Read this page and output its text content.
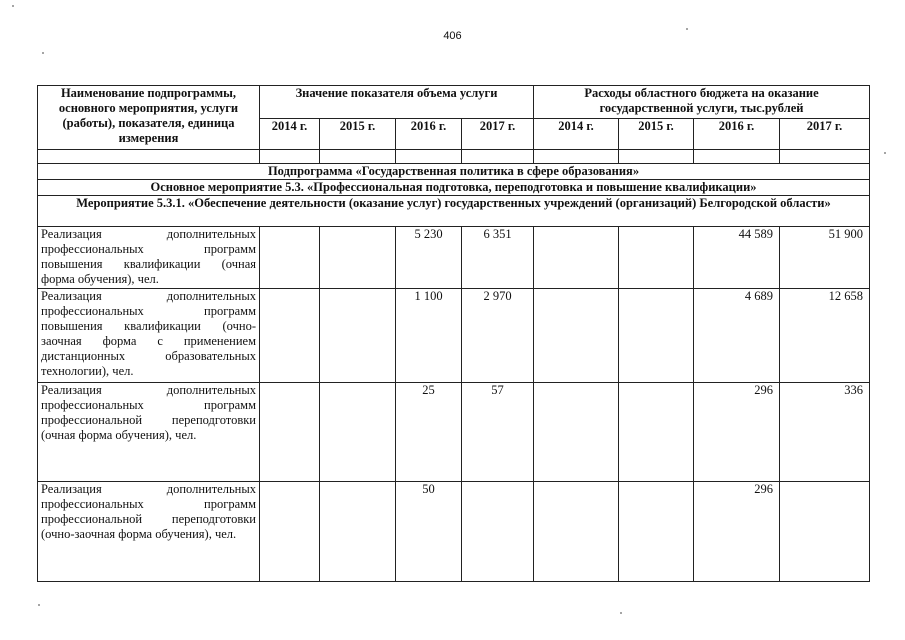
406
Наименование подпрограммы, основного мероприятия, услуги (работы), показателя, единица измерения	Значение показателя объема услуги				Расходы областного бюджета на оказание государственной услуги, тыс.рублей			
	2014 г.	2015 г.	2016 г.	2017 г.	2014 г.	2015 г.	2016 г.	2017 г.

Подпрограмма «Государственная политика в сфере образования»								
Основное мероприятие 5.3. «Профессиональная подготовка, переподготовка и повышение квалификации»								
Мероприятие 5.3.1. «Обеспечение деятельности (оказание услуг) государственных учреждений (организаций) Белгородской области»								
Реализация дополнительных профессиональных программ повышения квалификации (очная форма обучения), чел.			5 230	6 351			44 589	51 900
Реализация дополнительных профессиональных программ повышения квалификации (очно-заочная форма с применением дистанционных образовательных технологии), чел.			1 100	2 970			4 689	12 658
Реализация дополнительных профессиональных программ профессиональной переподготовки (очная форма обучения), чел.			25	57			296	336
Реализация дополнительных профессиональных программ профессиональной переподготовки (очно-заочная форма обучения), чел.			50				296	
